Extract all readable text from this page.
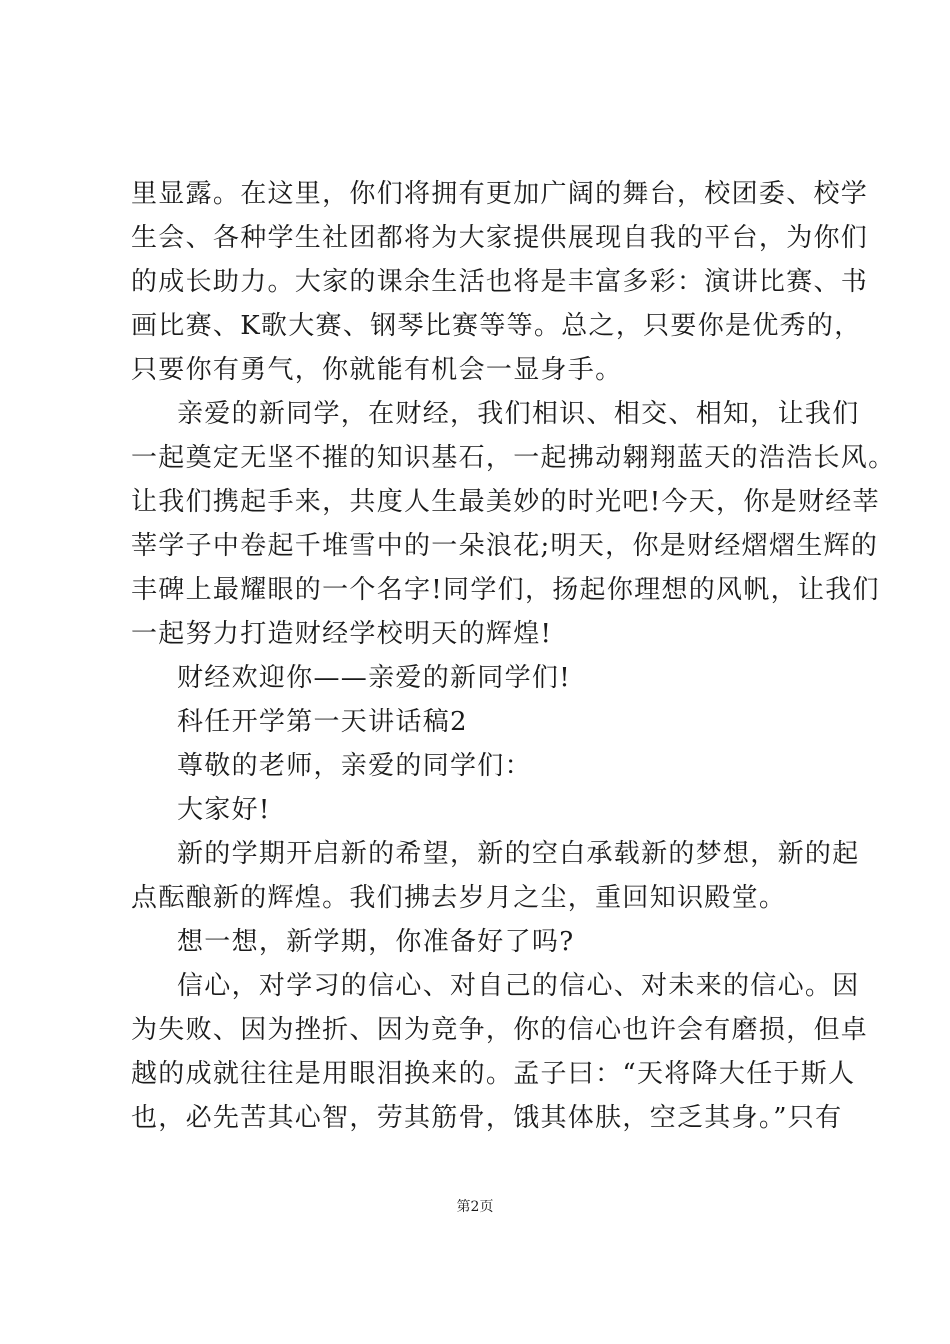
里显露。在这里，你们将拥有更加广阔的舞台，校团委、校学
生会、各种学生社团都将为大家提供展现自我的平台，为你们
的成长助力。大家的课余生活也将是丰富多彩：演讲比赛、书
画比赛、K歌大赛、钢琴比赛等等。总之，只要你是优秀的，
只要你有勇气，你就能有机会一显身手。
亲爱的新同学，在财经，我们相识、相交、相知，让我们
一起奠定无坚不摧的知识基石，一起拂动翱翔蓝天的浩浩长风。
让我们携起手来，共度人生最美妙的时光吧!今天，你是财经莘
莘学子中卷起千堆雪中的一朵浪花;明天，你是财经熠熠生辉的
丰碑上最耀眼的一个名字!同学们，扬起你理想的风帆，让我们
一起努力打造财经学校明天的辉煌!
财经欢迎你——亲爱的新同学们!
科任开学第一天讲话稿2
尊敬的老师，亲爱的同学们：
大家好!
新的学期开启新的希望，新的空白承载新的梦想，新的起
点酝酿新的辉煌。我们拂去岁月之尘，重回知识殿堂。
想一想，新学期，你准备好了吗?
信心，对学习的信心、对自己的信心、对未来的信心。因
为失败、因为挫折、因为竞争，你的信心也许会有磨损，但卓
越的成就往往是用眼泪换来的。孟子曰：“天将降大任于斯人
也，必先苦其心智，劳其筋骨，饿其体肤，空乏其身。”只有
第2页
